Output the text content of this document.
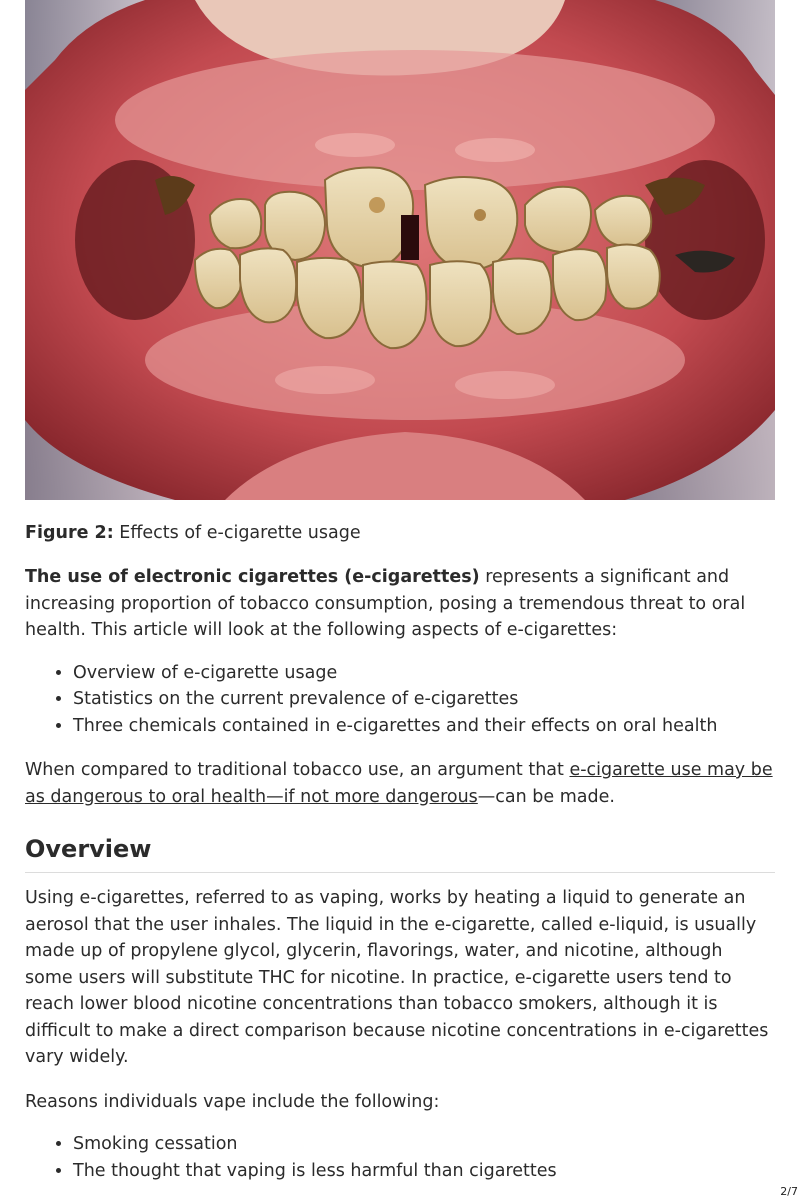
Figure 2: Effects of e-cigarette usage

The use of electronic cigarettes (e-cigarettes) represents a significant and increasing proportion of tobacco consumption, posing a tremendous threat to oral health. This article will look at the following aspects of e-cigarettes:

• Overview of e-cigarette usage
• Statistics on the current prevalence of e-cigarettes
• Three chemicals contained in e-cigarettes and their effects on oral health

When compared to traditional tobacco use, an argument that e-cigarette use may be as dangerous to oral health—if not more dangerous—can be made.

Overview

Using e-cigarettes, referred to as vaping, works by heating a liquid to generate an aerosol that the user inhales. The liquid in the e-cigarette, called e-liquid, is usually made up of propylene glycol, glycerin, flavorings, water, and nicotine, although some users will substitute THC for nicotine. In practice, e-cigarette users tend to reach lower blood nicotine concentrations than tobacco smokers, although it is difficult to make a direct comparison because nicotine concentrations in e-cigarettes vary widely.

Reasons individuals vape include the following:

• Smoking cessation
• The thought that vaping is less harmful than cigarettes
2/7
